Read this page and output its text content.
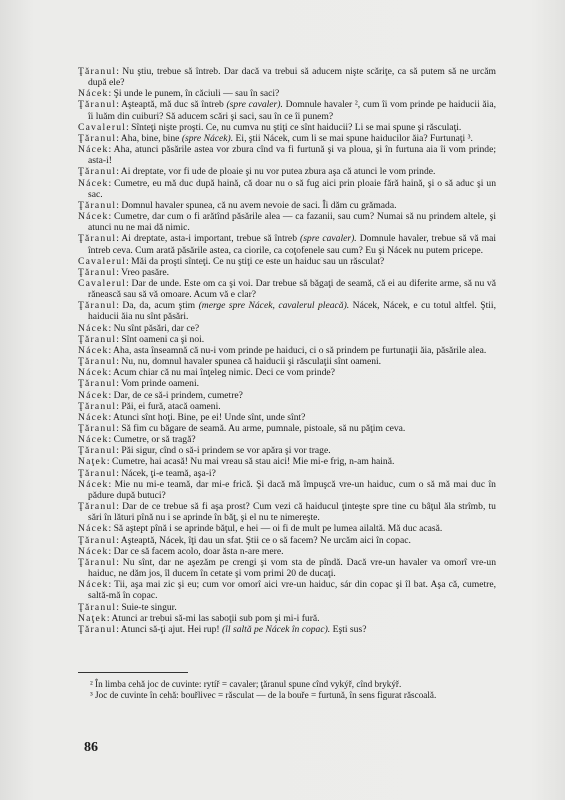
Ţăranul: Nu ştiu, trebue să întreb. Dar dacă va trebui să aducem nişte scăriţe, ca să putem să ne urcăm după ele?

Nácek: Şi unde le punem, în căciuli — sau în saci?

Ţăranul: Aşteaptă, mă duc să întreb (spre cavaler). Domnule havaler ², cum îi vom prinde pe haiducii ăia, îi luăm din cuiburi? Să aducem scări şi saci, sau în ce îi punem?

Cavalerul: Sînteţi nişte proşti. Ce, nu cumva nu ştiţi ce sînt haiducii? Li se mai spune şi răsculaţi.

Ţăranul: Aha, bine, bine (spre Nácek). Ei, ştii Nácek, cum li se mai spune haiducilor ăia? Furtunaţi ³.

Nácek: Aha, atunci păsările astea vor zbura cînd va fi furtună şi va ploua, şi în furtuna aia îi vom prinde; asta-i!

Ţăranul: Ai dreptate, vor fi ude de ploaie şi nu vor putea zbura aşa că atunci le vom prinde.

Nácek: Cumetre, eu mă duc după haină, că doar nu o să fug aici prin ploaie fără haină, şi o să aduc şi un sac.

Ţăranul: Domnul havaler spunea, că nu avem nevoie de saci. Îi dăm cu grămada.

Nácek: Cumetre, dar cum o fi arătînd păsările alea — ca fazanii, sau cum? Numai să nu prindem altele, şi atunci nu ne mai dă nimic.

Ţăranul: Ai dreptate, asta-i important, trebue să întreb (spre cavaler). Domnule havaler, trebue să vă mai întreb ceva. Cum arată păsările astea, ca ciorile, ca coţofenele sau cum? Eu şi Nácek nu putem pricepe.

Cavalerul: Măi da proşti sînteţi. Ce nu ştiţi ce este un haiduc sau un răsculat?

Ţăranul: Vreo pasăre.

Cavalerul: Dar de unde. Este om ca şi voi. Dar trebue să băgaţi de seamă, că ei au diferite arme, să nu vă rănească sau să vă omoare. Acum vă e clar?

Ţăranul: Da, da, acum ştim (merge spre Nácek, cavalerul pleacă). Nácek, Nácek, e cu totul altfel. Ştii, haiducii ăia nu sînt păsări.

Nácek: Nu sînt păsări, dar ce?

Ţăranul: Sînt oameni ca şi noi.

Nácek: Aha, asta înseamnă că nu-i vom prinde pe haiduci, ci o să prindem pe furtunaţii ăia, păsările alea.

Ţăranul: Nu, nu, domnul havaler spunea că haiducii şi răsculaţii sînt oameni.

Nácek: Acum chiar că nu mai înţeleg nimic. Deci ce vom prinde?

Ţăranul: Vom prinde oameni.

Nácek: Dar, de ce să-i prindem, cumetre?

Ţăranul: Păi, ei fură, atacă oameni.

Nácek: Atunci sînt hoţi. Bine, pe ei! Unde sînt, unde sînt?

Ţăranul: Să fim cu băgare de seamă. Au arme, pumnale, pistoale, să nu păţim ceva.

Nácek: Cumetre, or să tragă?

Ţăranul: Păi sigur, cînd o să-i prindem se vor apăra şi vor trage.

Naţek: Cumetre, hai acasă! Nu mai vreau să stau aici! Mie mi-e frig, n-am haină.

Ţăranul: Nácek, ţi-e teamă, aşa-i?

Nácek: Mie nu mi-e teamă, dar mi-e frică. Şi dacă mă împuşcă vre-un haiduc, cum o să mă mai duc în pădure după butuci?

Ţăranul: Dar de ce trebue să fi aşa prost? Cum vezi că haiducul ţinteşte spre tine cu bâţul ăla strîmb, tu sări în lături pînă nu i se aprinde în băţ, şi el nu te nimereşte.

Nácek: Să aştept pînă i se aprinde băţul, e hei — oi fi de mult pe lumea ailaltă. Mă duc acasă.

Ţăranul: Aşteaptă, Nácek, îţi dau un sfat. Ştii ce o să facem? Ne urcăm aici în copac.

Nácek: Dar ce să facem acolo, doar ăsta n-are mere.

Ţăranul: Nu sînt, dar ne aşezăm pe crengi şi vom sta de pîndă. Dacă vre-un havaler va omorî vre-un haiduc, ne dăm jos, îl ducem în cetate şi vom primi 20 de ducaţi.

Nácek: Tii, aşa mai zic şi eu; cum vor omorî aici vre-un haiduc, sár din copac şi îl bat. Aşa că, cumetre, saltă-mă în copac.

Ţăranul: Suie-te singur.

Naţek: Atunci ar trebui să-mi las saboţii sub pom şi mi-i fură.

Ţăranul: Atunci să-ţi ajut. Hei rup! (îl saltă pe Nácek în copac). Eşti sus?

² În limba cehă joc de cuvinte: rytíř = cavaler; ţăranul spune cînd vykýř, cînd brykýř.

³ Joc de cuvinte în cehă: bouřlivec = răsculat — de la bouře = furtună, în sens figurat răscoală.

86
